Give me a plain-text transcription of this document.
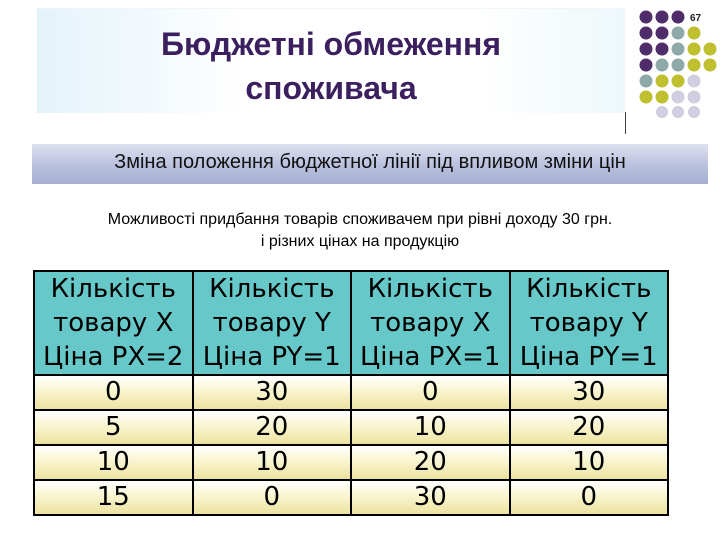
Бюджетні обмеження
споживача
67
Зміна положення бюджетної лінії під впливом зміни цін
Можливості придбання товарів споживачем при рівні доходу 30 грн.
і різних цінах на продукцію
Кількість
товару X
Ціна PX=2	Кількість
товару Y
Ціна PY=1	Кількість
товару X
Ціна PX=1	Кількість
товару Y
Ціна PY=1

0	30	0	30
5	20	10	20
10	10	20	10
15	0	30	0
